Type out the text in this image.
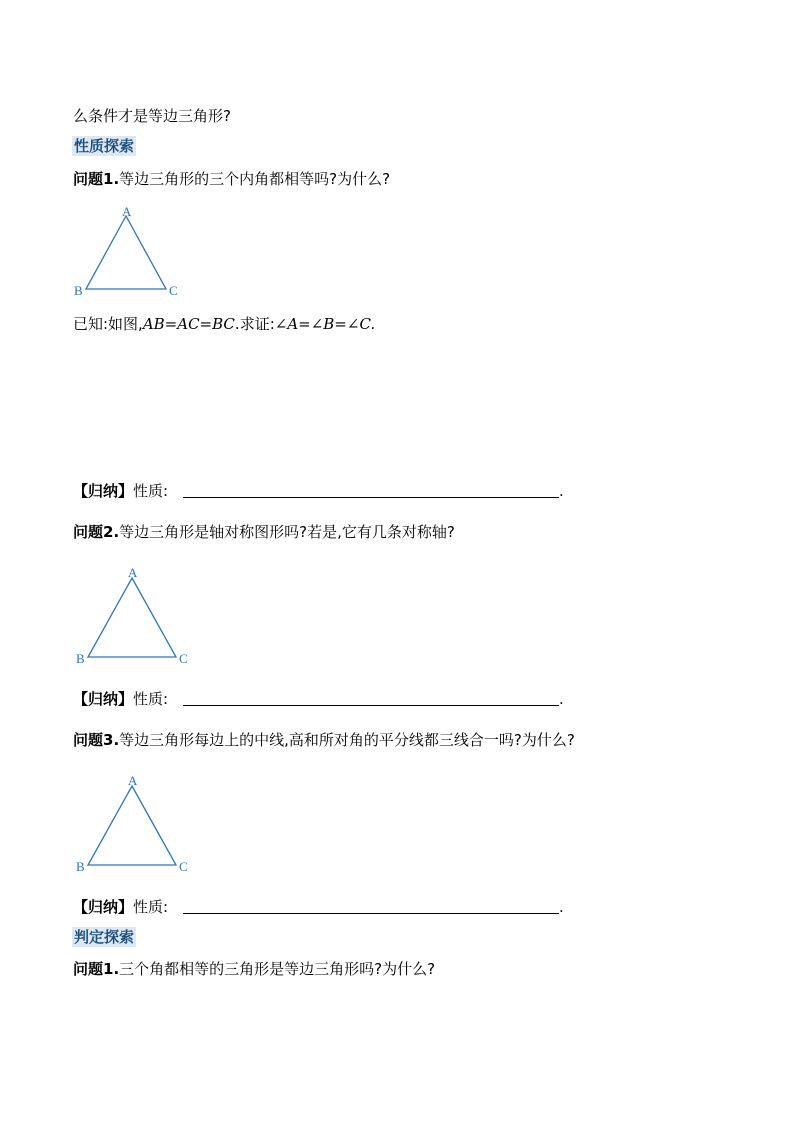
么条件才是等边三角形?
性质探索
问题1.等边三角形的三个内角都相等吗?为什么?
A
B	C
已知:如图,AB=AC=BC.求证:∠A=∠B=∠C.
【归纳】性质:	.
问题2.等边三角形是轴对称图形吗?若是,它有几条对称轴?
A
B	C
【归纳】性质:	.
问题3.等边三角形每边上的中线,高和所对角的平分线都三线合一吗?为什么?
A
B	C
【归纳】性质:	.
判定探索
问题1.三个角都相等的三角形是等边三角形吗?为什么?
